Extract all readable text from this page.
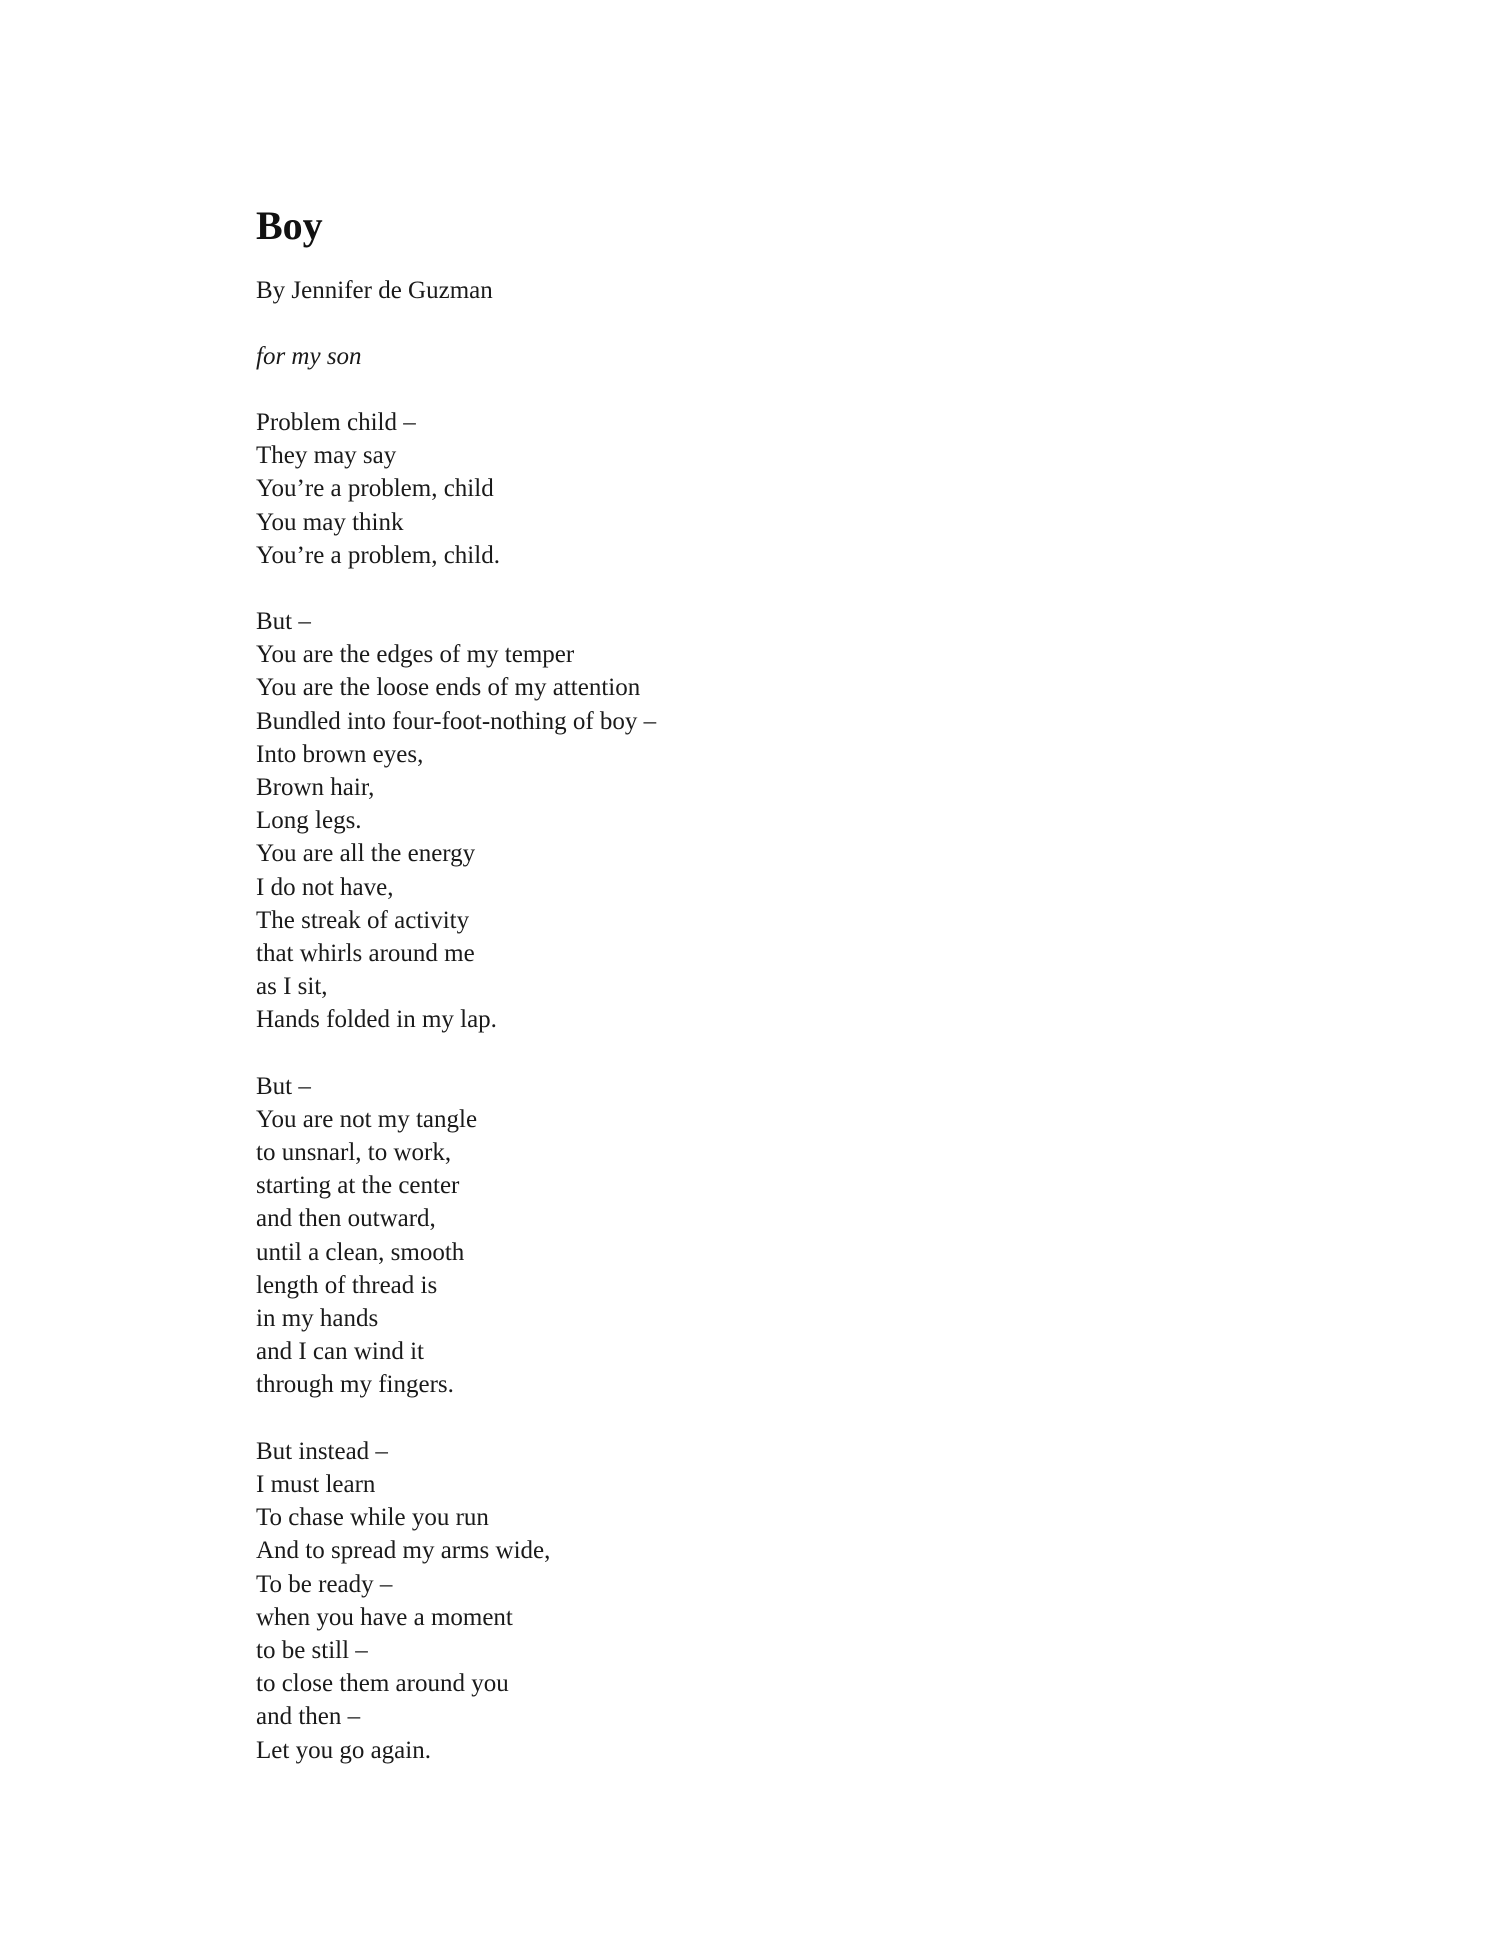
Boy
By Jennifer de Guzman
for my son
Problem child –
They may say
You’re a problem, child
You may think
You’re a problem, child.
But –
You are the edges of my temper
You are the loose ends of my attention
Bundled into four-foot-nothing of boy –
Into brown eyes,
Brown hair,
Long legs.
You are all the energy
I do not have,
The streak of activity
that whirls around me
as I sit,
Hands folded in my lap.
But –
You are not my tangle
to unsnarl, to work,
starting at the center
and then outward,
until a clean, smooth
length of thread is
in my hands
and I can wind it
through my fingers.
But instead –
I must learn
To chase while you run
And to spread my arms wide,
To be ready –
when you have a moment
to be still –
to close them around you
and then –
Let you go again.
